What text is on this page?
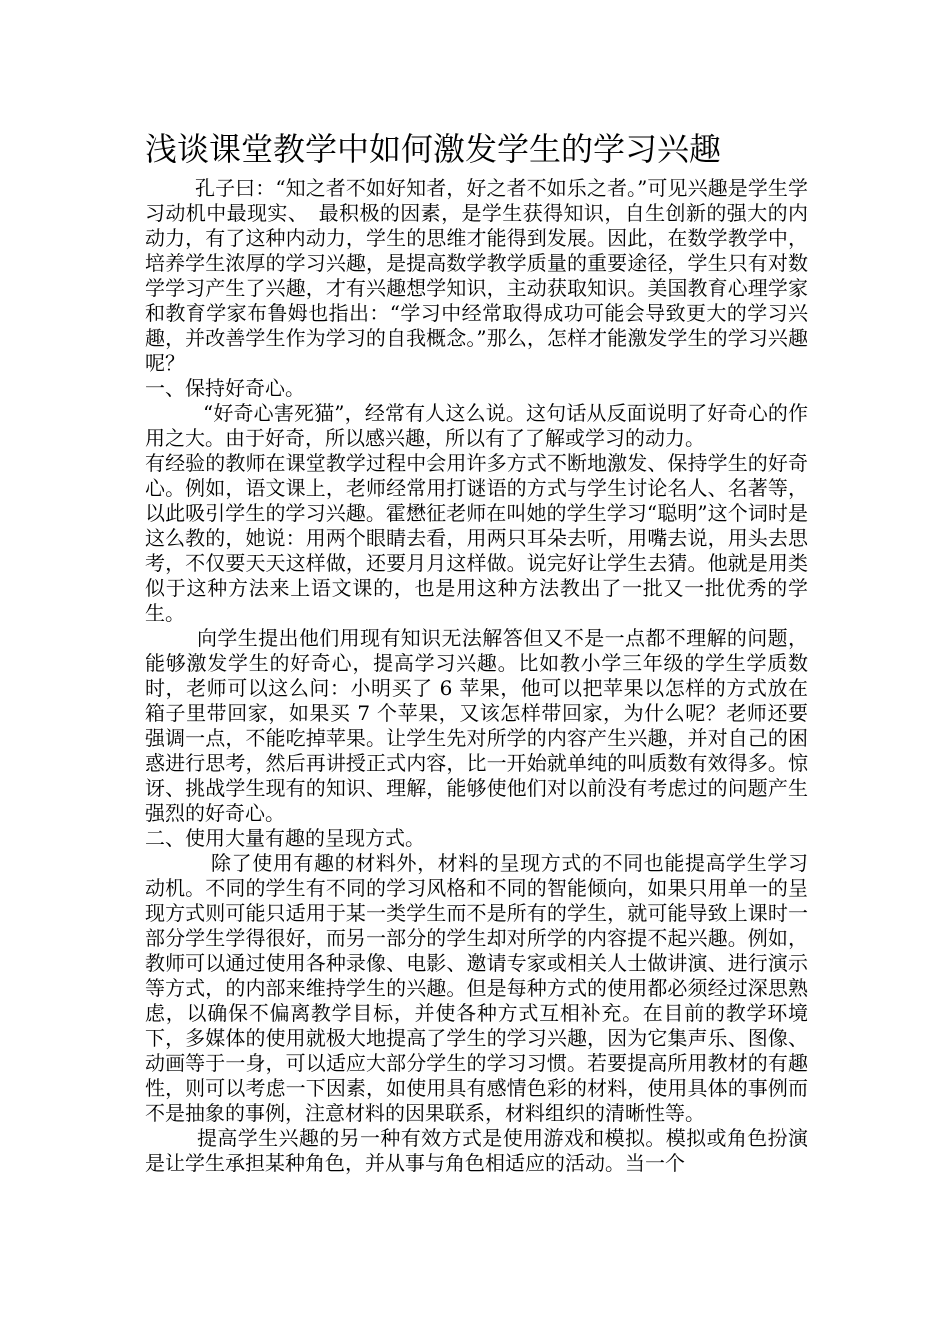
浅谈课堂教学中如何激发学生的学习兴趣

孔子曰：“知之者不如好知者，好之者不如乐之者。”可见兴趣是学生学习动机中最现实、　最积极的因素，是学生获得知识，自生创新的强大的内动力，有了这种内动力，学生的思维才能得到发展。因此，在数学教学中，培养学生浓厚的学习兴趣，是提高数学教学质量的重要途径，学生只有对数学学习产生了兴趣，才有兴趣想学知识，主动获取知识。美国教育心理学家和教育学家布鲁姆也指出：“学习中经常取得成功可能会导致更大的学习兴趣，并改善学生作为学习的自我概念。”那么，怎样才能激发学生的学习兴趣呢？

一、保持好奇心。

“好奇心害死猫”，经常有人这么说。这句话从反面说明了好奇心的作用之大。由于好奇，所以感兴趣，所以有了了解或学习的动力。

有经验的教师在课堂教学过程中会用许多方式不断地激发、保持学生的好奇心。例如，语文课上，老师经常用打谜语的方式与学生讨论名人、名著等，以此吸引学生的学习兴趣。霍懋征老师在叫她的学生学习“聪明”这个词时是这么教的，她说：用两个眼睛去看，用两只耳朵去听，用嘴去说，用头去思考，不仅要天天这样做，还要月月这样做。说完好让学生去猜。他就是用类似于这种方法来上语文课的，也是用这种方法教出了一批又一批优秀的学生。

向学生提出他们用现有知识无法解答但又不是一点都不理解的问题，能够激发学生的好奇心，提高学习兴趣。比如教小学三年级的学生学质数时，老师可以这么问：小明买了 6 苹果，他可以把苹果以怎样的方式放在箱子里带回家，如果买 7 个苹果，又该怎样带回家，为什么呢？老师还要强调一点，不能吃掉苹果。让学生先对所学的内容产生兴趣，并对自己的困惑进行思考，然后再讲授正式内容，比一开始就单纯的叫质数有效得多。惊讶、挑战学生现有的知识、理解，能够使他们对以前没有考虑过的问题产生强烈的好奇心。

二、使用大量有趣的呈现方式。

除了使用有趣的材料外，材料的呈现方式的不同也能提高学生学习动机。不同的学生有不同的学习风格和不同的智能倾向，如果只用单一的呈现方式则可能只适用于某一类学生而不是所有的学生，就可能导致上课时一部分学生学得很好，而另一部分的学生却对所学的内容提不起兴趣。例如，教师可以通过使用各种录像、电影、邀请专家或相关人士做讲演、进行演示等方式，的内部来维持学生的兴趣。但是每种方式的使用都必须经过深思熟虑，以确保不偏离教学目标，并使各种方式互相补充。在目前的教学环境下，多媒体的使用就极大地提高了学生的学习兴趣，因为它集声乐、图像、动画等于一身，可以适应大部分学生的学习习惯。若要提高所用教材的有趣性，则可以考虑一下因素，如使用具有感情色彩的材料，使用具体的事例而不是抽象的事例，注意材料的因果联系，材料组织的清晰性等。

提高学生兴趣的另一种有效方式是使用游戏和模拟。模拟或角色扮演是让学生承担某种角色，并从事与角色相适应的活动。当一个
